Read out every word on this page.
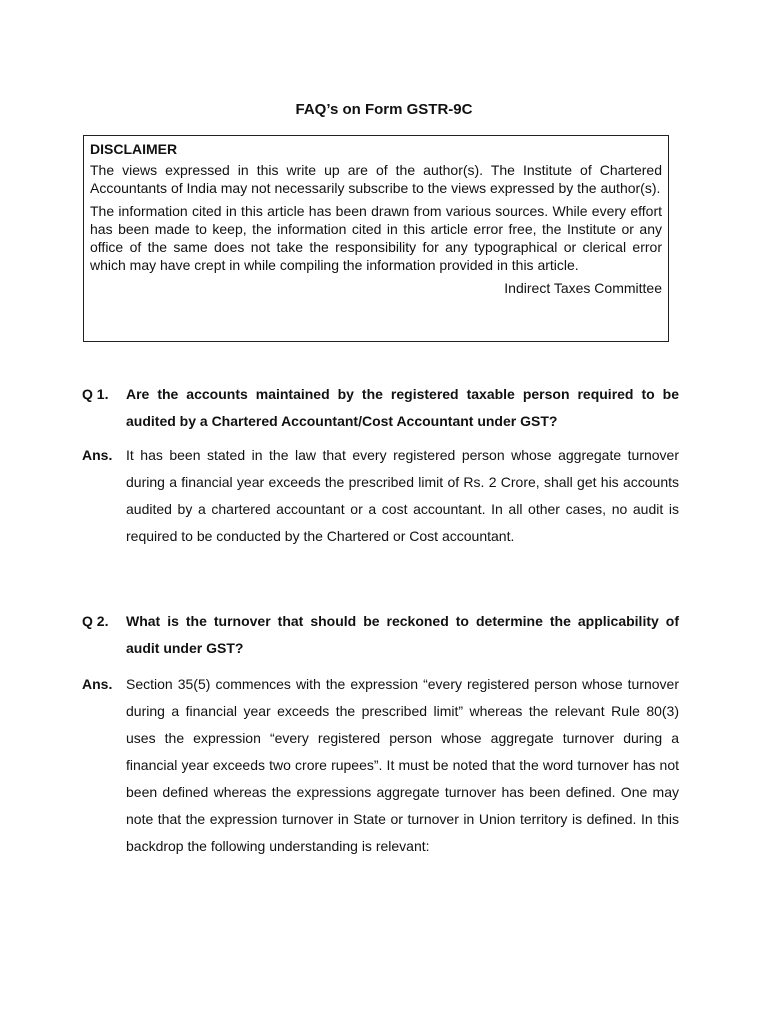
FAQ’s on Form GSTR-9C
DISCLAIMER

The views expressed in this write up are of the author(s). The Institute of Chartered Accountants of India may not necessarily subscribe to the views expressed by the author(s).

The information cited in this article has been drawn from various sources. While every effort has been made to keep, the information cited in this article error free, the Institute or any office of the same does not take the responsibility for any typographical or clerical error which may have crept in while compiling the information provided in this article.

Indirect Taxes Committee
Q 1.	Are the accounts maintained by the registered taxable person required to be audited by a Chartered Accountant/Cost Accountant under GST?
Ans. It has been stated in the law that every registered person whose aggregate turnover during a financial year exceeds the prescribed limit of Rs. 2 Crore, shall get his accounts audited by a chartered accountant or a cost accountant. In all other cases, no audit is required to be conducted by the Chartered or Cost accountant.
Q 2.	What is the turnover that should be reckoned to determine the applicability of audit under GST?
Ans. Section 35(5) commences with the expression “every registered person whose turnover during a financial year exceeds the prescribed limit” whereas the relevant Rule 80(3) uses the expression “every registered person whose aggregate turnover during a financial year exceeds two crore rupees”. It must be noted that the word turnover has not been defined whereas the expressions aggregate turnover has been defined. One may note that the expression turnover in State or turnover in Union territory is defined. In this backdrop the following understanding is relevant:
